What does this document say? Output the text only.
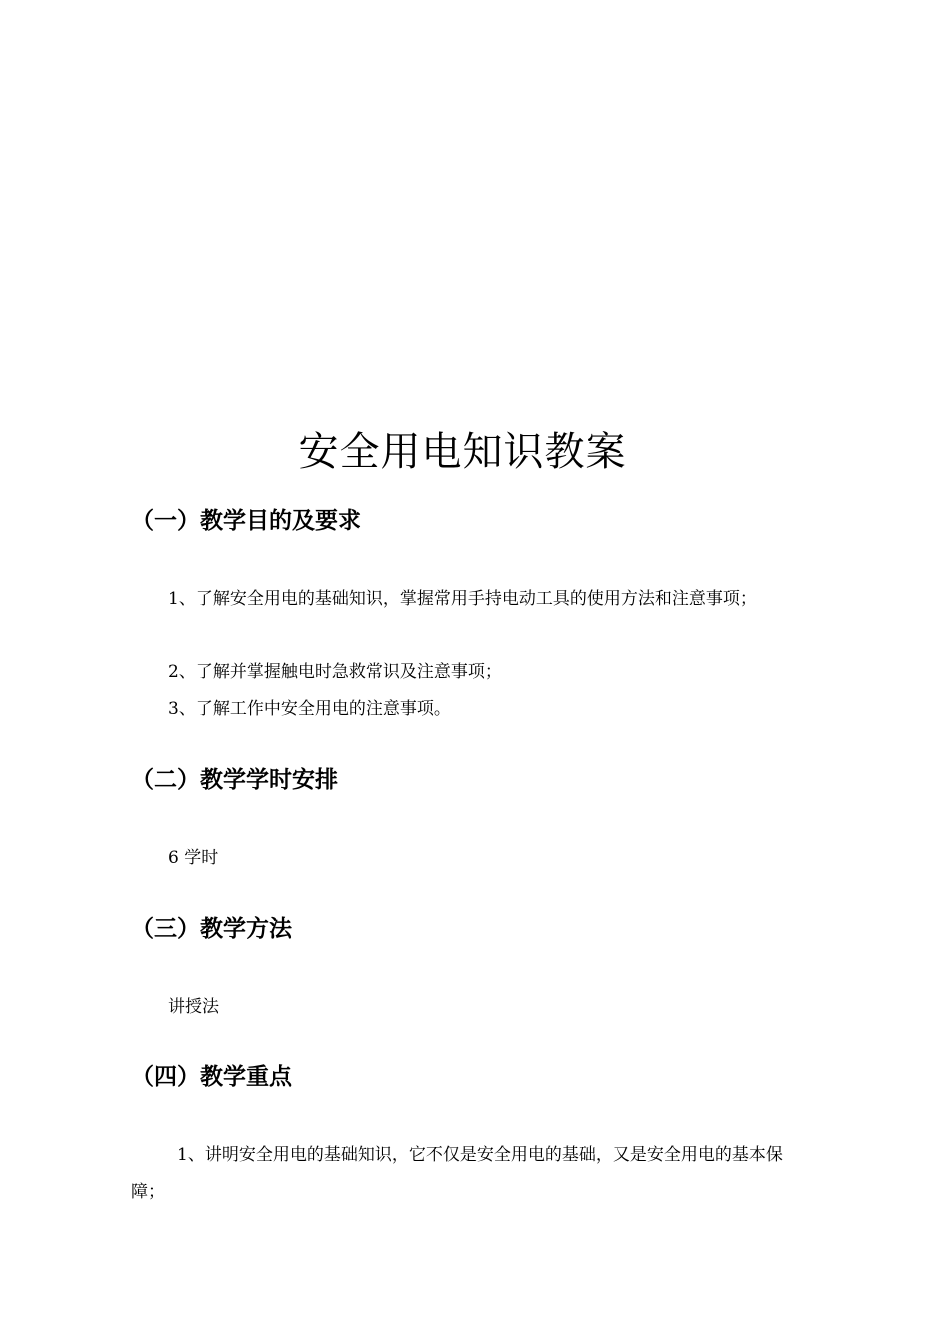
安全用电知识教案
（一）教学目的及要求

1、了解安全用电的基础知识，掌握常用手持电动工具的使用方法和注意事项；

2、了解并掌握触电时急救常识及注意事项；

3、了解工作中安全用电的注意事项。

（二）教学学时安排

6 学时

（三）教学方法

讲授法

（四）教学重点

1、讲明安全用电的基础知识，它不仅是安全用电的基础，又是安全用电的基本保障；
